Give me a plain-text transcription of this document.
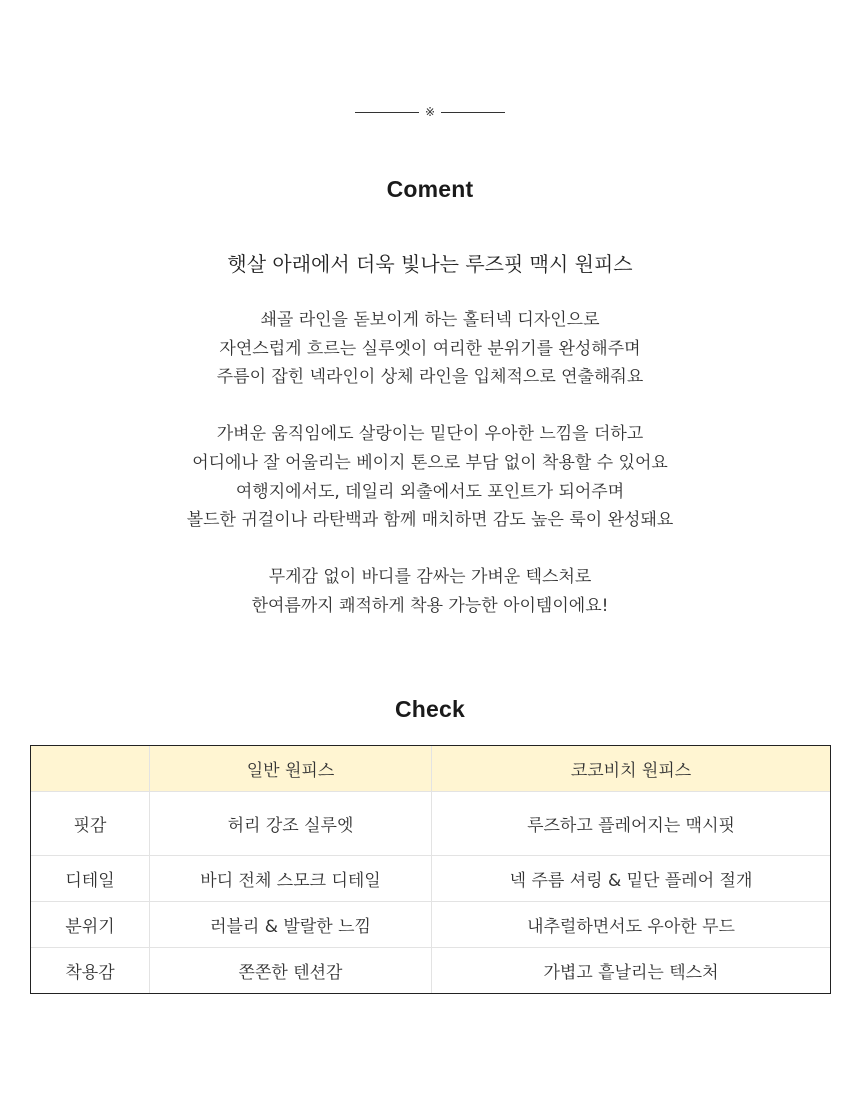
※
Coment

햇살 아래에서 더욱 빛나는 루즈핏 맥시 원피스

쇄골 라인을 돋보이게 하는 홀터넥 디자인으로
자연스럽게 흐르는 실루엣이 여리한 분위기를 완성해주며
주름이 잡힌 넥라인이 상체 라인을 입체적으로 연출해줘요

가벼운 움직임에도 살랑이는 밑단이 우아한 느낌을 더하고
어디에나 잘 어울리는 베이지 톤으로 부담 없이 착용할 수 있어요
여행지에서도, 데일리 외출에서도 포인트가 되어주며
볼드한 귀걸이나 라탄백과 함께 매치하면 감도 높은 룩이 완성돼요

무게감 없이 바디를 감싸는 가벼운 텍스처로
한여름까지 쾌적하게 착용 가능한 아이템이에요!

Check
	일반 원피스	코코비치 원피스
핏감	허리 강조 실루엣	루즈하고 플레어지는 맥시핏
디테일	바디 전체 스모크 디테일	넥 주름 셔링 & 밑단 플레어 절개
분위기	러블리 & 발랄한 느낌	내추럴하면서도 우아한 무드
착용감	쫀쫀한 텐션감	가볍고 흩날리는 텍스처
